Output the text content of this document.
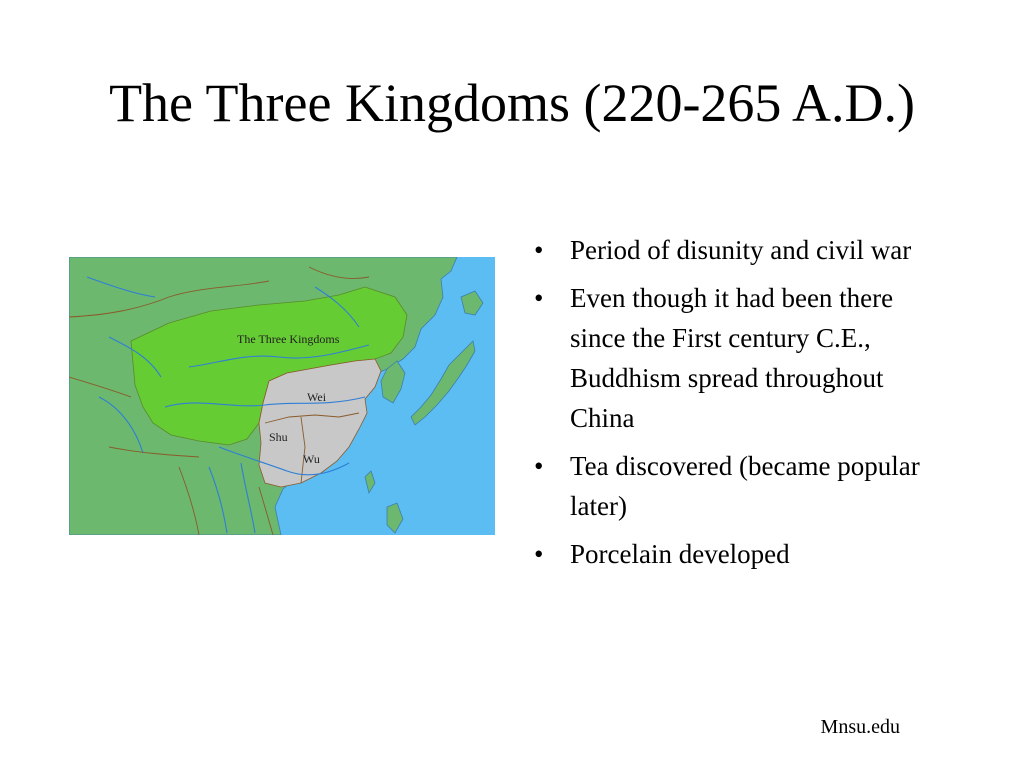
The Three Kingdoms (220-265 A.D.)
The Three Kingdoms
Wei
Shu
Wu
• Period of disunity and civil war
• Even though it had been there since the First century C.E., Buddhism spread throughout China
• Tea discovered (became popular later)
• Porcelain developed
Mnsu.edu
